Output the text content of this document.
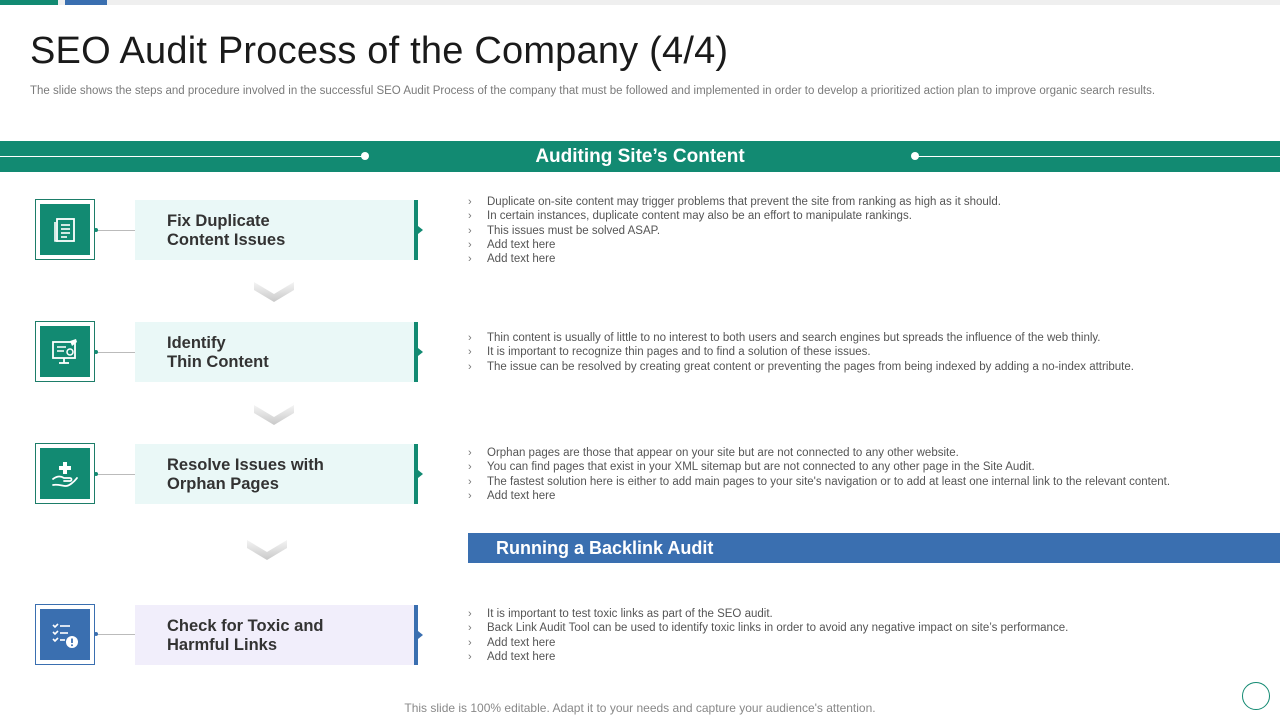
SEO Audit Process of the Company (4/4)
The slide shows the steps and procedure involved in the successful SEO Audit Process of the company that must be followed and implemented in order to develop a prioritized action plan to improve organic search results.
Auditing Site’s Content
Fix Duplicate
Content Issues
› Duplicate on-site content may trigger problems that prevent the site from ranking as high as it should.
› In certain instances, duplicate content may also be an effort to manipulate rankings.
› This issues must be solved ASAP.
› Add text here
› Add text here
Identify
Thin Content
› Thin content is usually of little to no interest to both users and search engines but spreads the influence of the web thinly.
› It is important to recognize thin pages and to find a solution of these issues.
› The issue can be resolved by creating great content or preventing the pages from being indexed by adding a no-index attribute.
Resolve Issues with
Orphan Pages
› Orphan pages are those that appear on your site but are not connected to any other website.
› You can find pages that exist in your XML sitemap but are not connected to any other page in the Site Audit.
› The fastest solution here is either to add main pages to your site's navigation or to add at least one internal link to the relevant content.
› Add text here
Running a Backlink Audit
Check for Toxic and
Harmful Links
› It is important to test toxic links as part of the SEO audit.
› Back Link Audit Tool can be used to identify toxic links in order to avoid any negative impact on site’s performance.
› Add text here
› Add text here
This slide is 100% editable. Adapt it to your needs and capture your audience's attention.
